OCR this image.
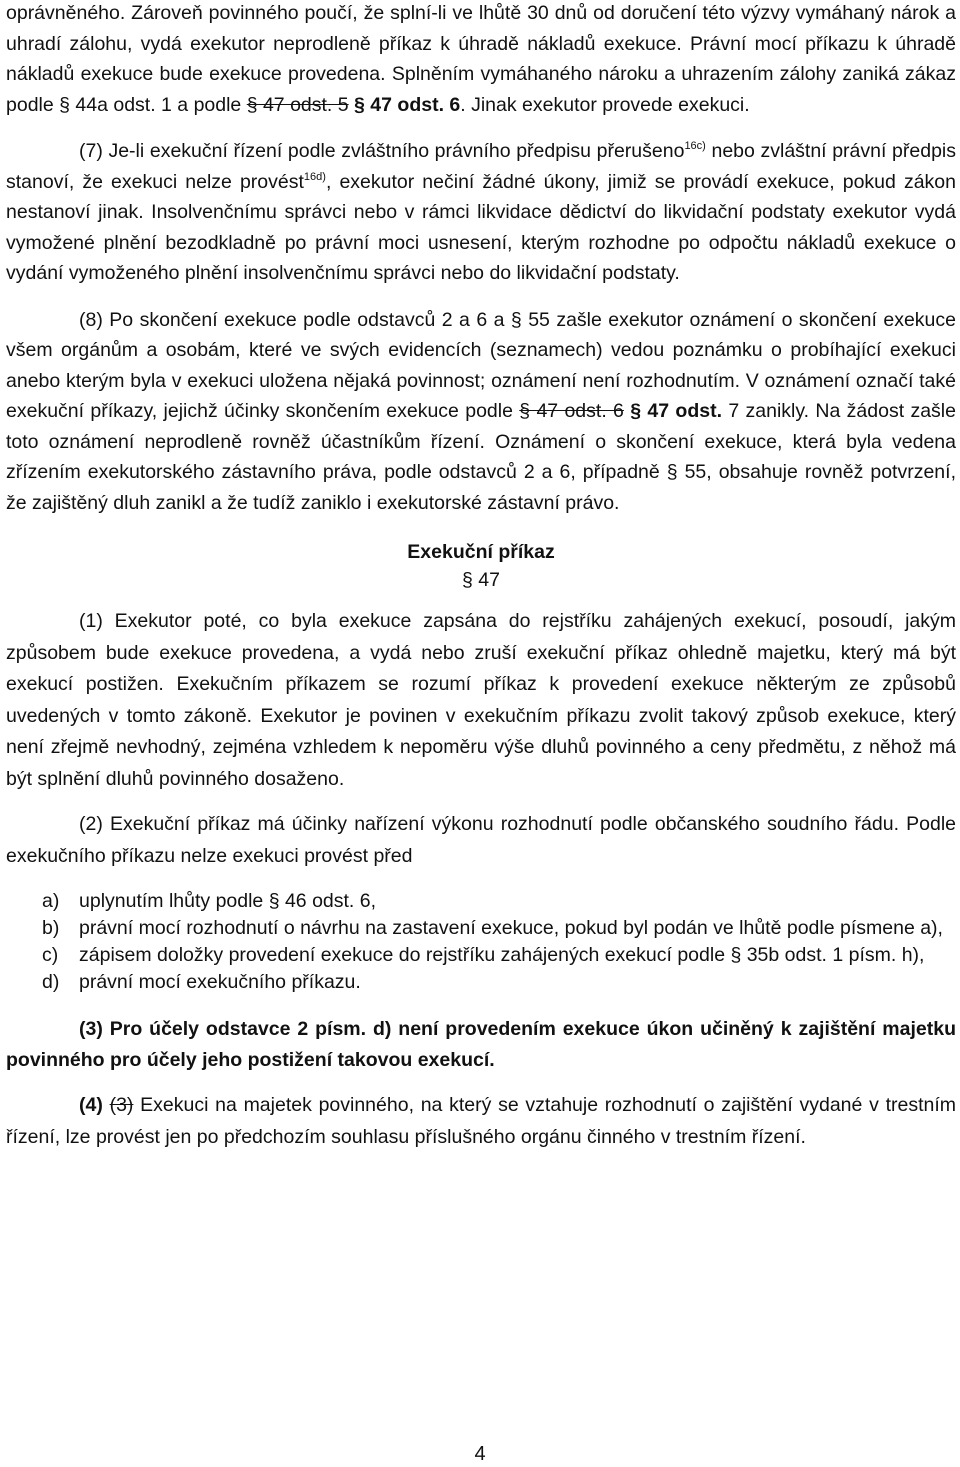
oprávněného. Zároveň povinného poučí, že splní-li ve lhůtě 30 dnů od doručení této výzvy vymáhaný nárok a uhradí zálohu, vydá exekutor neprodleně příkaz k úhradě nákladů exekuce. Právní mocí příkazu k úhradě nákladů exekuce bude exekuce provedena. Splněním vymáhaného nároku a uhrazením zálohy zaniká zákaz podle § 44a odst. 1 a podle § 47 odst. 5 § 47 odst. 6. Jinak exekutor provede exekuci.

(7) Je-li exekuční řízení podle zvláštního právního předpisu přerušeno$^{16c)}$ nebo zvláštní právní předpis stanoví, že exekuci nelze provést$^{16d)}$, exekutor nečiní žádné úkony, jimiž se provádí exekuce, pokud zákon nestanoví jinak. Insolvenčnímu správci nebo v rámci likvidace dědictví do likvidační podstaty exekutor vydá vymožené plnění bezodkladně po právní moci usnesení, kterým rozhodne po odpočtu nákladů exekuce o vydání vymoženého plnění insolvenčnímu správci nebo do likvidační podstaty.

(8) Po skončení exekuce podle odstavců 2 a 6 a § 55 zašle exekutor oznámení o skončení exekuce všem orgánům a osobám, které ve svých evidencích (seznamech) vedou poznámku o probíhající exekuci anebo kterým byla v exekuci uložena nějaká povinnost; oznámení není rozhodnutím. V oznámení označí také exekuční příkazy, jejichž účinky skončením exekuce podle § 47 odst. 6 § 47 odst. 7 zanikly. Na žádost zašle toto oznámení neprodleně rovněž účastníkům řízení. Oznámení o skončení exekuce, která byla vedena zřízením exekutorského zástavního práva, podle odstavců 2 a 6, případně § 55, obsahuje rovněž potvrzení, že zajištěný dluh zanikl a že tudíž zaniklo i exekutorské zástavní právo.

Exekuční příkaz

§ 47

(1) Exekutor poté, co byla exekuce zapsána do rejstříku zahájených exekucí, posoudí, jakým způsobem bude exekuce provedena, a vydá nebo zruší exekuční příkaz ohledně majetku, který má být exekucí postižen. Exekučním příkazem se rozumí příkaz k provedení exekuce některým ze způsobů uvedených v tomto zákoně. Exekutor je povinen v exekučním příkazu zvolit takový způsob exekuce, který není zřejmě nevhodný, zejména vzhledem k nepoměru výše dluhů povinného a ceny předmětu, z něhož má být splnění dluhů povinného dosaženo.

(2) Exekuční příkaz má účinky nařízení výkonu rozhodnutí podle občanského soudního řádu. Podle exekučního příkazu nelze exekuci provést před

a)	uplynutím lhůty podle § 46 odst. 6,
b)	právní mocí rozhodnutí o návrhu na zastavení exekuce, pokud byl podán ve lhůtě podle písmene a),
c)	zápisem doložky provedení exekuce do rejstříku zahájených exekucí podle § 35b odst. 1 písm. h),
d)	právní mocí exekučního příkazu.

(3) Pro účely odstavce 2 písm. d) není provedením exekuce úkon učiněný k zajištění majetku povinného pro účely jeho postižení takovou exekucí.

(4) (3) Exekuci na majetek povinného, na který se vztahuje rozhodnutí o zajištění vydané v trestním řízení, lze provést jen po předchozím souhlasu příslušného orgánu činného v trestním řízení.

4
